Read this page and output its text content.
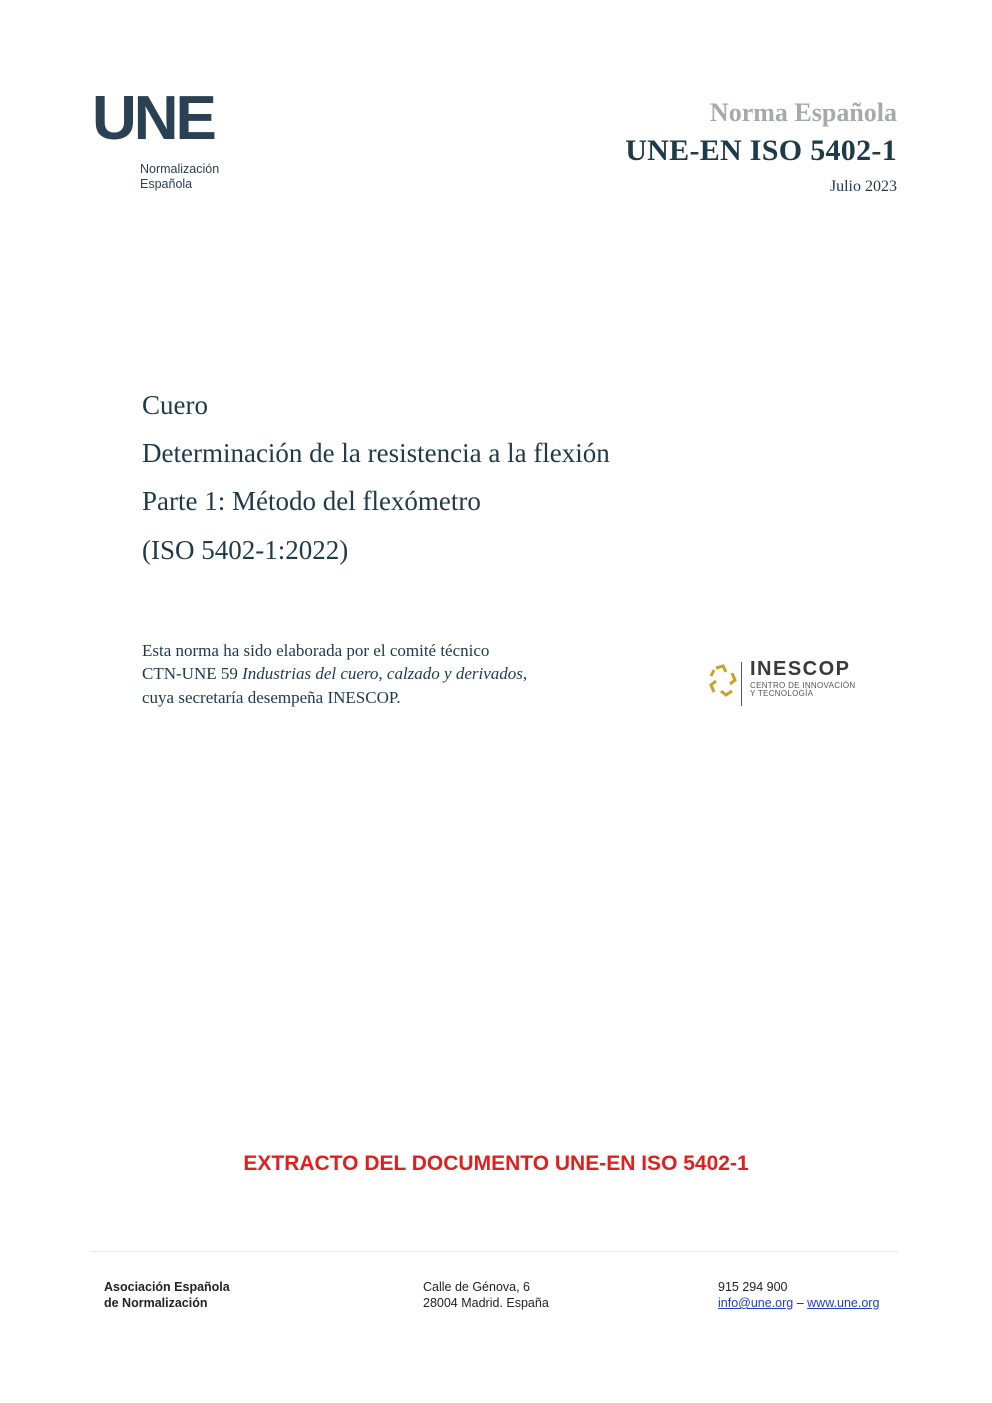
UNE
Normalización
Española
Norma Española
UNE-EN ISO 5402-1
Julio 2023
Cuero
Determinación de la resistencia a la flexión
Parte 1: Método del flexómetro
(ISO 5402-1:2022)
Esta norma ha sido elaborada por el comité técnico
CTN-UNE 59 Industrias del cuero, calzado y derivados,
cuya secretaría desempeña INESCOP.
INESCOP
CENTRO DE INNOVACIÓN
Y TECNOLOGÍA
EXTRACTO DEL DOCUMENTO UNE-EN ISO 5402-1
Asociación Española
de Normalización
Calle de Génova, 6
28004 Madrid. España
915 294 900
info@une.org – www.une.org
